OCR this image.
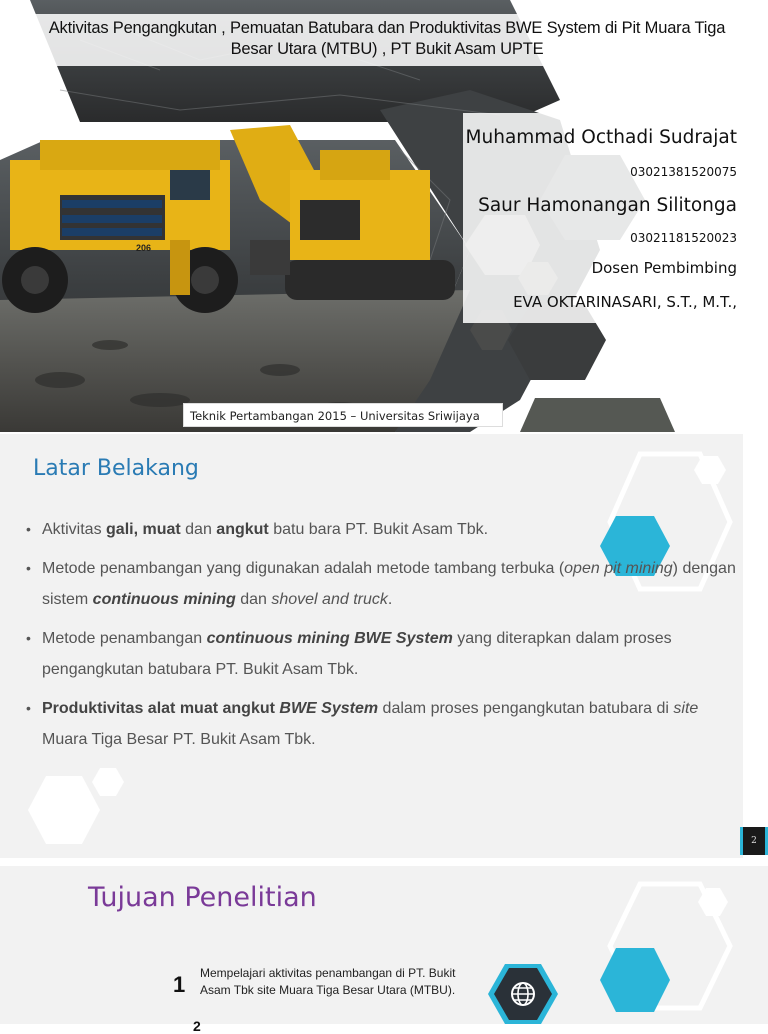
206
Aktivitas Pengangkutan , Pemuatan Batubara dan Produktivitas BWE System di Pit Muara Tiga
Besar Utara (MTBU) , PT Bukit Asam UPTE
Muhammad Octhadi Sudrajat
03021381520075
Saur Hamonangan Silitonga
03021181520023
Dosen Pembimbing
EVA OKTARINASARI, S.T., M.T.,
Teknik Pertambangan 2015 – Universitas Sriwijaya
Latar Belakang
• Aktivitas gali, muat dan angkut batu bara PT. Bukit Asam Tbk.
• Metode penambangan yang digunakan adalah metode tambang terbuka (open pit mining) dengan sistem continuous mining dan shovel and truck.
• Metode penambangan continuous mining BWE System yang diterapkan dalam proses pengangkutan batubara PT. Bukit Asam Tbk.
• Produktivitas alat muat angkut BWE System dalam proses pengangkutan batubara di site Muara Tiga Besar PT. Bukit Asam Tbk.
2
Tujuan Penelitian
1 Mempelajari aktivitas penambangan di PT. Bukit Asam Tbk site Muara Tiga Besar Utara (MTBU).
2
